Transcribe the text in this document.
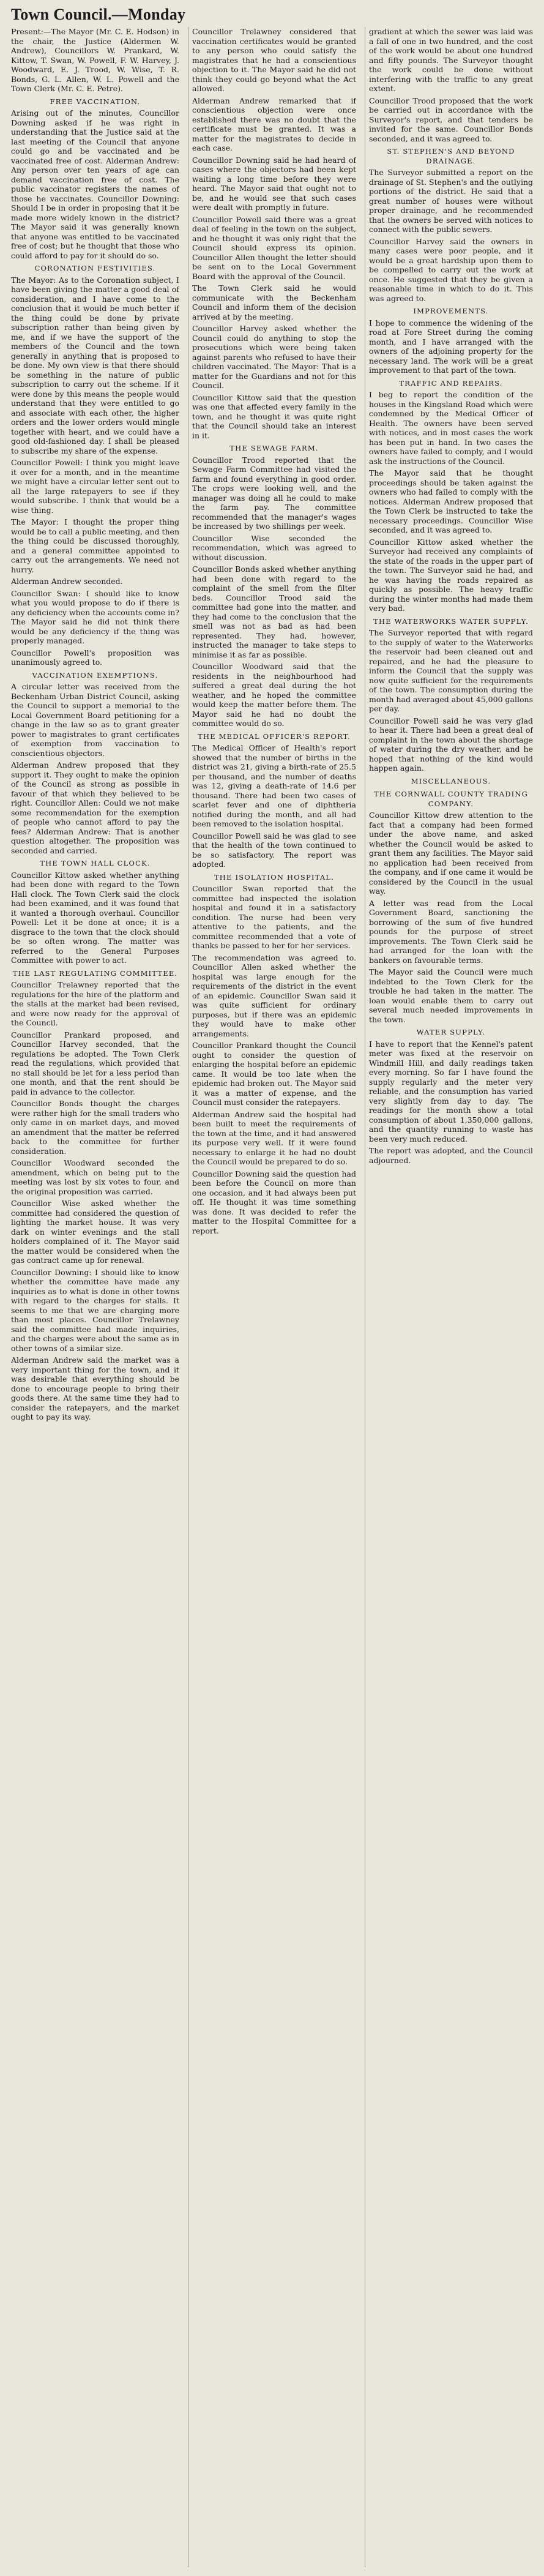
Town Council.—Monday
Present:—The Mayor (Mr. C. E. Hodson) in the chair, the Justice (Aldermen W. Andrew), Councillors W. Prankard, W. Kittow, T. Swan, W. Powell, F. W. Harvey, J. Woodward, E. J. Trood, W. Wise, T. R. Bonds, G. L. Allen, W. L. Powell and the Town Clerk (Mr. C. E. Petre).
FREE VACCINATION.
Arising out of the minutes, Councillor Downing asked if he was right in understanding that the Justice said at the last meeting of the Council that anyone could go and be vaccinated and be vaccinated free of cost. Alderman Andrew: Any person over ten years of age can demand vaccination free of cost. The public vaccinator registers the names of those he vaccinates. Councillor Downing: Should I be in order in proposing that it be made more widely known in the district? The Mayor said it was generally known that anyone was entitled to be vaccinated free of cost; but he thought that those who could afford to pay for it should do so.
CORONATION FESTIVITIES.
The Mayor: As to the Coronation subject, I have been giving the matter a good deal of consideration, and I have come to the conclusion that it would be much better if the thing could be done by private subscription rather than being given by me, and if we have the support of the members of the Council and the town generally in anything that is proposed to be done. My own view is that there should be something in the nature of public subscription to carry out the scheme. If it were done by this means the people would understand that they were entitled to go and associate with each other, the higher orders and the lower orders would mingle together with heart, and we could have a good old-fashioned day. I shall be pleased to subscribe my share of the expense.
Councillor Powell: I think you might leave it over for a month, and in the meantime we might have a circular letter sent out to all the large ratepayers to see if they would subscribe. I think that would be a wise thing.
The Mayor: I thought the proper thing would be to call a public meeting, and then the thing could be discussed thoroughly, and a general committee appointed to carry out the arrangements. We need not hurry.
Alderman Andrew seconded.
Councillor Swan: I should like to know what you would propose to do if there is any deficiency when the accounts come in? The Mayor said he did not think there would be any deficiency if the thing was properly managed.
Councillor Powell's proposition was unanimously agreed to.
VACCINATION EXEMPTIONS.
A circular letter was received from the Beckenham Urban District Council, asking the Council to support a memorial to the Local Government Board petitioning for a change in the law so as to grant greater power to magistrates to grant certificates of exemption from vaccination to conscientious objectors.
Alderman Andrew proposed that they support it. They ought to make the opinion of the Council as strong as possible in favour of that which they believed to be right. Councillor Allen: Could we not make some recommendation for the exemption of people who cannot afford to pay the fees? Alderman Andrew: That is another question altogether. The proposition was seconded and carried.
THE TOWN HALL CLOCK.
Councillor Kittow asked whether anything had been done with regard to the Town Hall clock. The Town Clerk said the clock had been examined, and it was found that it wanted a thorough overhaul. Councillor Powell: Let it be done at once; it is a disgrace to the town that the clock should be so often wrong. The matter was referred to the General Purposes Committee with power to act.
THE LAST REGULATING COMMITTEE.
Councillor Trelawney reported that the regulations for the hire of the platform and the stalls at the market had been revised, and were now ready for the approval of the Council.
Councillor Prankard proposed, and Councillor Harvey seconded, that the regulations be adopted. The Town Clerk read the regulations, which provided that no stall should be let for a less period than one month, and that the rent should be paid in advance to the collector.
Councillor Bonds thought the charges were rather high for the small traders who only came in on market days, and moved an amendment that the matter be referred back to the committee for further consideration.
Councillor Woodward seconded the amendment, which on being put to the meeting was lost by six votes to four, and the original proposition was carried.
Councillor Wise asked whether the committee had considered the question of lighting the market house. It was very dark on winter evenings and the stall holders complained of it. The Mayor said the matter would be considered when the gas contract came up for renewal.
Councillor Downing: I should like to know whether the committee have made any inquiries as to what is done in other towns with regard to the charges for stalls. It seems to me that we are charging more than most places. Councillor Trelawney said the committee had made inquiries, and the charges were about the same as in other towns of a similar size.
Alderman Andrew said the market was a very important thing for the town, and it was desirable that everything should be done to encourage people to bring their goods there. At the same time they had to consider the ratepayers, and the market ought to pay its way.
Councillor Trelawney considered that vaccination certificates would be granted to any person who could satisfy the magistrates that he had a conscientious objection to it. The Mayor said he did not think they could go beyond what the Act allowed.
Alderman Andrew remarked that if conscientious objection were once established there was no doubt that the certificate must be granted. It was a matter for the magistrates to decide in each case.
Councillor Downing said he had heard of cases where the objectors had been kept waiting a long time before they were heard. The Mayor said that ought not to be, and he would see that such cases were dealt with promptly in future.
Councillor Powell said there was a great deal of feeling in the town on the subject, and he thought it was only right that the Council should express its opinion. Councillor Allen thought the letter should be sent on to the Local Government Board with the approval of the Council.
The Town Clerk said he would communicate with the Beckenham Council and inform them of the decision arrived at by the meeting.
Councillor Harvey asked whether the Council could do anything to stop the prosecutions which were being taken against parents who refused to have their children vaccinated. The Mayor: That is a matter for the Guardians and not for this Council.
Councillor Kittow said that the question was one that affected every family in the town, and he thought it was quite right that the Council should take an interest in it.
THE SEWAGE FARM.
Councillor Trood reported that the Sewage Farm Committee had visited the farm and found everything in good order. The crops were looking well, and the manager was doing all he could to make the farm pay. The committee recommended that the manager's wages be increased by two shillings per week.
Councillor Wise seconded the recommendation, which was agreed to without discussion.
Councillor Bonds asked whether anything had been done with regard to the complaint of the smell from the filter beds. Councillor Trood said the committee had gone into the matter, and they had come to the conclusion that the smell was not as bad as had been represented. They had, however, instructed the manager to take steps to minimise it as far as possible.
Councillor Woodward said that the residents in the neighbourhood had suffered a great deal during the hot weather, and he hoped the committee would keep the matter before them. The Mayor said he had no doubt the committee would do so.
THE MEDICAL OFFICER'S REPORT.
The Medical Officer of Health's report showed that the number of births in the district was 21, giving a birth-rate of 25.5 per thousand, and the number of deaths was 12, giving a death-rate of 14.6 per thousand. There had been two cases of scarlet fever and one of diphtheria notified during the month, and all had been removed to the isolation hospital.
Councillor Powell said he was glad to see that the health of the town continued to be so satisfactory. The report was adopted.
THE ISOLATION HOSPITAL.
Councillor Swan reported that the committee had inspected the isolation hospital and found it in a satisfactory condition. The nurse had been very attentive to the patients, and the committee recommended that a vote of thanks be passed to her for her services.
The recommendation was agreed to. Councillor Allen asked whether the hospital was large enough for the requirements of the district in the event of an epidemic. Councillor Swan said it was quite sufficient for ordinary purposes, but if there was an epidemic they would have to make other arrangements.
Councillor Prankard thought the Council ought to consider the question of enlarging the hospital before an epidemic came. It would be too late when the epidemic had broken out. The Mayor said it was a matter of expense, and the Council must consider the ratepayers.
Alderman Andrew said the hospital had been built to meet the requirements of the town at the time, and it had answered its purpose very well. If it were found necessary to enlarge it he had no doubt the Council would be prepared to do so.
Councillor Downing said the question had been before the Council on more than one occasion, and it had always been put off. He thought it was time something was done. It was decided to refer the matter to the Hospital Committee for a report.
gradient at which the sewer was laid was a fall of one in two hundred, and the cost of the work would be about one hundred and fifty pounds. The Surveyor thought the work could be done without interfering with the traffic to any great extent.
Councillor Trood proposed that the work be carried out in accordance with the Surveyor's report, and that tenders be invited for the same. Councillor Bonds seconded, and it was agreed to.
ST. STEPHEN'S AND BEYOND DRAINAGE.
The Surveyor submitted a report on the drainage of St. Stephen's and the outlying portions of the district. He said that a great number of houses were without proper drainage, and he recommended that the owners be served with notices to connect with the public sewers.
Councillor Harvey said the owners in many cases were poor people, and it would be a great hardship upon them to be compelled to carry out the work at once. He suggested that they be given a reasonable time in which to do it. This was agreed to.
IMPROVEMENTS.
I hope to commence the widening of the road at Fore Street during the coming month, and I have arranged with the owners of the adjoining property for the necessary land. The work will be a great improvement to that part of the town.
TRAFFIC AND REPAIRS.
I beg to report the condition of the houses in the Kingsland Road which were condemned by the Medical Officer of Health. The owners have been served with notices, and in most cases the work has been put in hand. In two cases the owners have failed to comply, and I would ask the instructions of the Council.
The Mayor said that he thought proceedings should be taken against the owners who had failed to comply with the notices. Alderman Andrew proposed that the Town Clerk be instructed to take the necessary proceedings. Councillor Wise seconded, and it was agreed to.
Councillor Kittow asked whether the Surveyor had received any complaints of the state of the roads in the upper part of the town. The Surveyor said he had, and he was having the roads repaired as quickly as possible. The heavy traffic during the winter months had made them very bad.
THE WATERWORKS WATER SUPPLY.
The Surveyor reported that with regard to the supply of water to the Waterworks the reservoir had been cleaned out and repaired, and he had the pleasure to inform the Council that the supply was now quite sufficient for the requirements of the town. The consumption during the month had averaged about 45,000 gallons per day.
Councillor Powell said he was very glad to hear it. There had been a great deal of complaint in the town about the shortage of water during the dry weather, and he hoped that nothing of the kind would happen again.
MISCELLANEOUS.
THE CORNWALL COUNTY TRADING COMPANY.
Councillor Kittow drew attention to the fact that a company had been formed under the above name, and asked whether the Council would be asked to grant them any facilities. The Mayor said no application had been received from the company, and if one came it would be considered by the Council in the usual way.
A letter was read from the Local Government Board, sanctioning the borrowing of the sum of five hundred pounds for the purpose of street improvements. The Town Clerk said he had arranged for the loan with the bankers on favourable terms.
The Mayor said the Council were much indebted to the Town Clerk for the trouble he had taken in the matter. The loan would enable them to carry out several much needed improvements in the town.
WATER SUPPLY.
I have to report that the Kennel's patent meter was fixed at the reservoir on Windmill Hill, and daily readings taken every morning. So far I have found the supply regularly and the meter very reliable, and the consumption has varied very slightly from day to day. The readings for the month show a total consumption of about 1,350,000 gallons, and the quantity running to waste has been very much reduced.
The report was adopted, and the Council adjourned.
